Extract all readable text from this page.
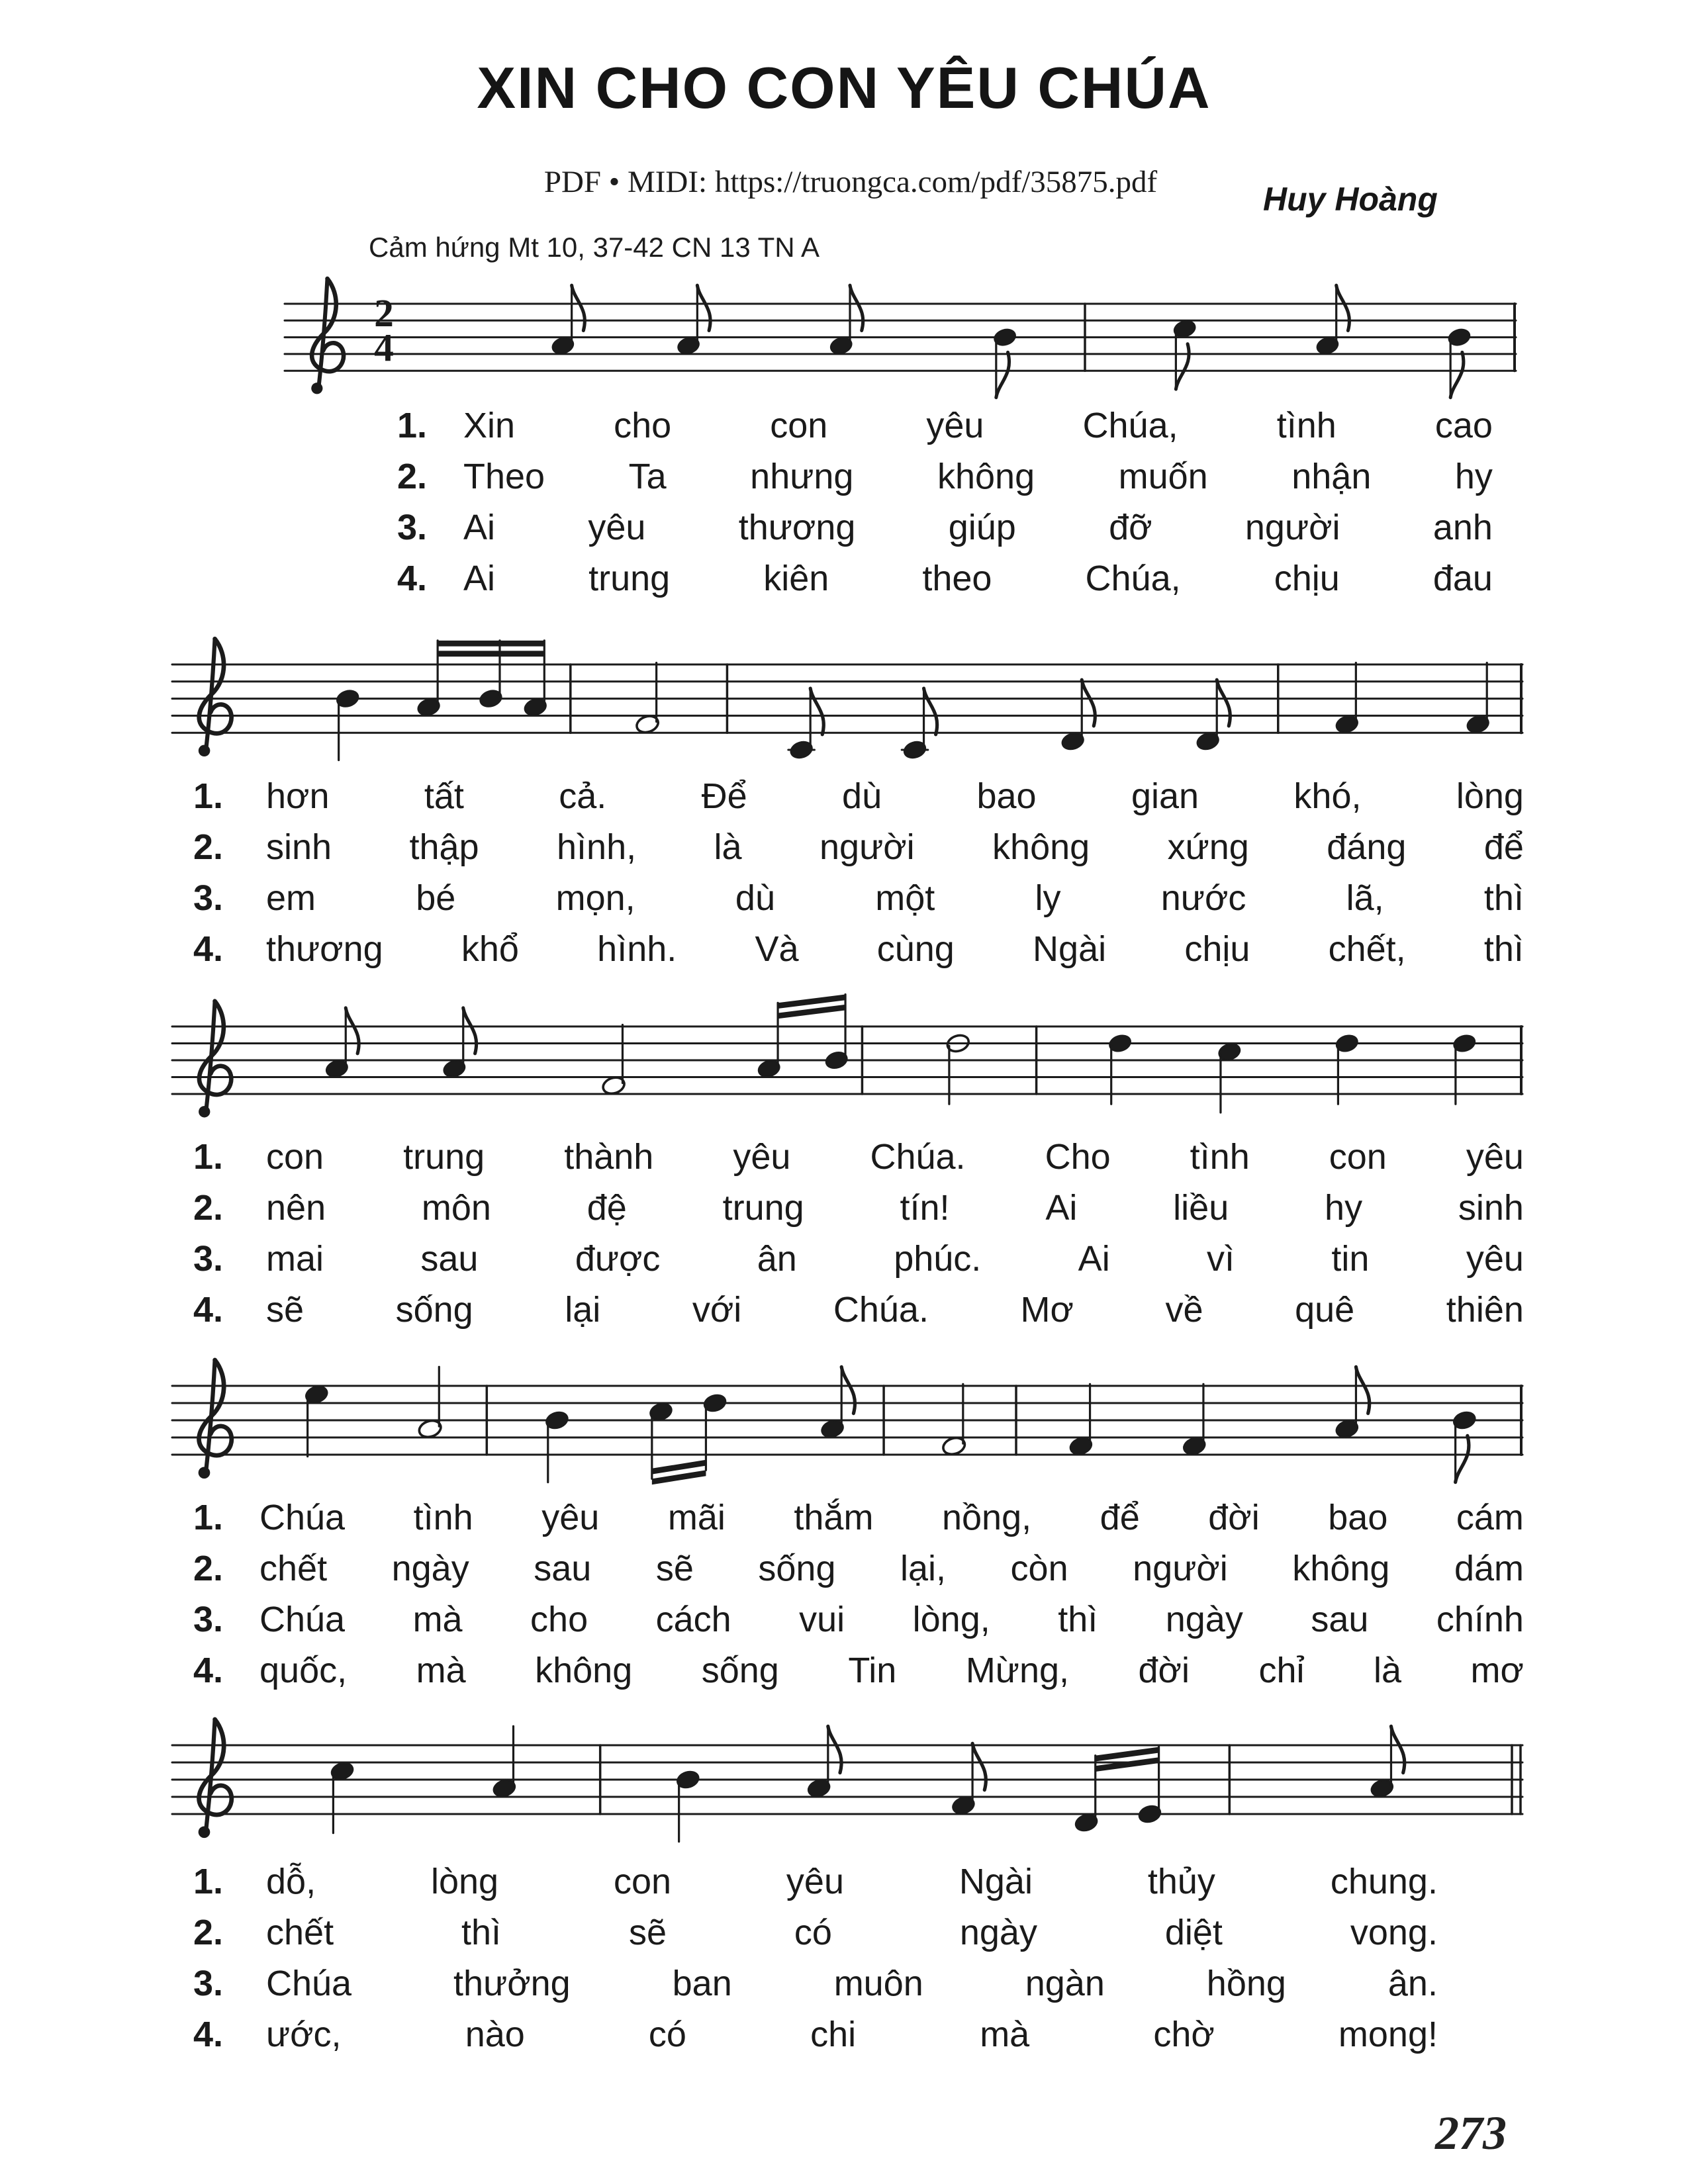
XIN CHO CON YÊU CHÚA
PDF • MIDI: https://truongca.com/pdf/35875.pdf	Huy Hoàng
Cảm hứng Mt 10, 37-42 CN 13 TN A
2
4
1.	Xin	cho	con	yêu	Chúa,	tình	cao
2.	Theo Ta nhưng không muốn nhận hy
3.	Ai	yêu	thương	giúp	đỡ	người	anh
4.	Ai	trung	kiên	theo	Chúa,	chịu	đau
1.	hơn	tất	cả.	Để	dù	bao	gian	khó,	lòng
2.	sinh thập hình, là người không xứng đáng để
3.	em	bé	mọn,	dù	một	ly	nước	lã,	thì
4.	thương khổ hình. Và cùng Ngài chịu chết, thì
1.	con trung thành yêu Chúa. Cho tình con yêu
2.	nên	môn	đệ	trung	tín!	Ai	liều	hy	sinh
3.	mai	sau	được	ân	phúc.	Ai	vì	tin	yêu
4.	sẽ	sống	lại	với	Chúa.	Mơ	về	quê	thiên
1.	Chúa tình yêu mãi thắm nồng, để đời bao cám
2.	chết ngày sau sẽ sống lại, còn người không dám
3.	Chúa mà cho cách vui lòng, thì ngày sau chính
4.	quốc, mà không sống Tin Mừng, đời chỉ là mơ
1.	dỗ,	lòng	con	yêu	Ngài	thủy	chung.
2.	chết	thì	sẽ	có	ngày	diệt	vong.
3.	Chúa	thưởng	ban	muôn	ngàn	hồng	ân.
4.	ước,	nào	có	chi	mà	chờ	mong!
273
